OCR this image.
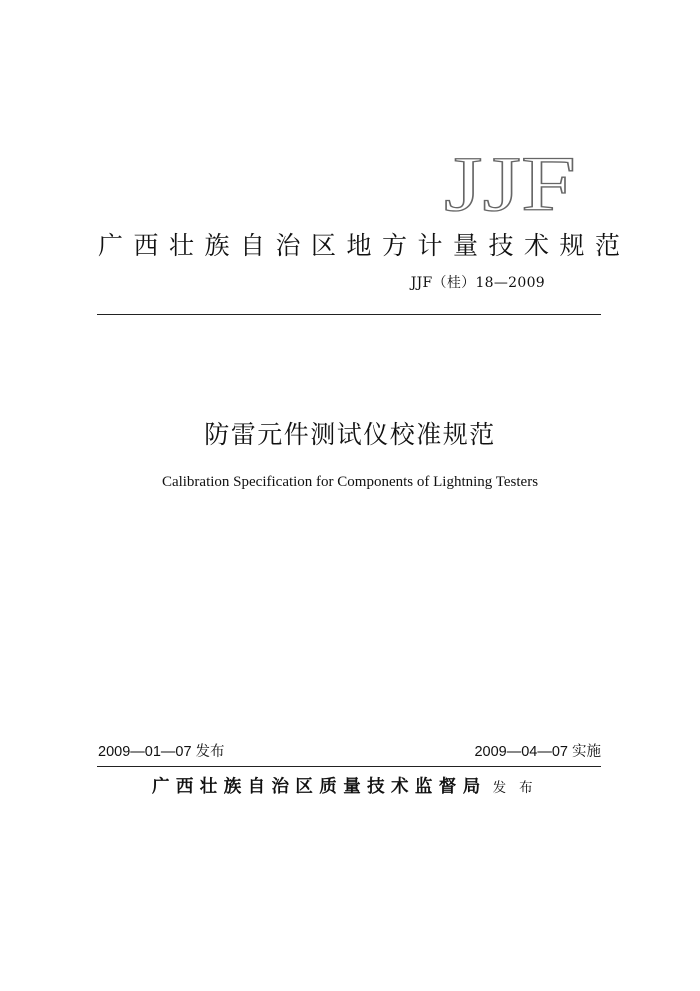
JJF
广西壮族自治区地方计量技术规范
JJF（桂）18—2009
防雷元件测试仪校准规范
Calibration Specification for Components of Lightning Testers
2009—01—07 发布	2009—04—07 实施
广西壮族自治区质量技术监督局 发布
